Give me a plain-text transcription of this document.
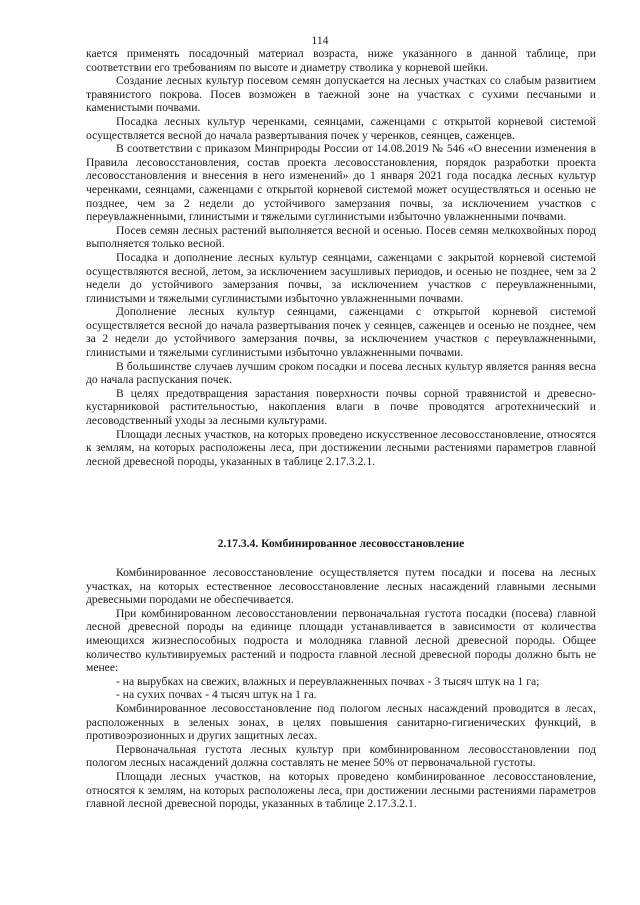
114

кается применять посадочный материал возраста, ниже указанного в данной таблице, при соответствии его требованиям по высоте и диаметру стволика у корневой шейки.

Создание лесных культур посевом семян допускается на лесных участках со слабым развитием травянистого покрова. Посев возможен в таежной зоне на участках с сухими песчаными и каменистыми почвами.

Посадка лесных культур черенками, сеянцами, саженцами с открытой корневой системой осуществляется весной до начала развертывания почек у черенков, сеянцев, саженцев.

В соответствии с приказом Минприроды России от 14.08.2019 № 546 «О внесении изменения в Правила лесовосстановления, состав проекта лесовосстановления, порядок разработки проекта лесовосстановления и внесения в него изменений» до 1 января 2021 года посадка лесных культур черенками, сеянцами, саженцами с открытой корневой системой может осуществляться и осенью не позднее, чем за 2 недели до устойчивого замерзания почвы, за исключением участков с переувлажненными, глинистыми и тяжелыми суглинистыми избыточно увлажненными почвами.

Посев семян лесных растений выполняется весной и осенью. Посев семян мелкохвойных пород выполняется только весной.

Посадка и дополнение лесных культур сеянцами, саженцами с закрытой корневой системой осуществляются весной, летом, за исключением засушливых периодов, и осенью не позднее, чем за 2 недели до устойчивого замерзания почвы, за исключением участков с переувлажненными, глинистыми и тяжелыми суглинистыми избыточно увлажненными почвами.

Дополнение лесных культур сеянцами, саженцами с открытой корневой системой осуществляется весной до начала развертывания почек у сеянцев, саженцев и осенью не позднее, чем за 2 недели до устойчивого замерзания почвы, за исключением участков с переувлажненными, глинистыми и тяжелыми суглинистыми избыточно увлажненными почвами.

В большинстве случаев лучшим сроком посадки и посева лесных культур является ранняя весна до начала распускания почек.

В целях предотвращения зарастания поверхности почвы сорной травянистой и древесно-кустарниковой растительностью, накопления влаги в почве проводятся агротехнический и лесоводственный уходы за лесными культурами.

Площади лесных участков, на которых проведено искусственное лесовосстановление, относятся к землям, на которых расположены леса, при достижении лесными растениями параметров главной лесной древесной породы, указанных в таблице 2.17.3.2.1.

2.17.3.4. Комбинированное лесовосстановление

Комбинированное лесовосстановление осуществляется путем посадки и посева на лесных участках, на которых естественное лесовосстановление лесных насаждений главными лесными древесными породами не обеспечивается.

При комбинированном лесовосстановлении первоначальная густота посадки (посева) главной лесной древесной породы на единице площади устанавливается в зависимости от количества имеющихся жизнеспособных подроста и молодняка главной лесной древесной породы. Общее количество культивируемых растений и подроста главной лесной древесной породы должно быть не менее:

- на вырубках на свежих, влажных и переувлажненных почвах - 3 тысяч штук на 1 га;

- на сухих почвах - 4 тысяч штук на 1 га.

Комбинированное лесовосстановление под пологом лесных насаждений проводится в лесах, расположенных в зеленых зонах, в целях повышения санитарно-гигиенических функций, в противоэрозионных и других защитных лесах.

Первоначальная густота лесных культур при комбинированном лесовосстановлении под пологом лесных насаждений должна составлять не менее 50% от первоначальной густоты.

Площади лесных участков, на которых проведено комбинированное лесовосстановление, относятся к землям, на которых расположены леса, при достижении лесными растениями параметров главной лесной древесной породы, указанных в таблице 2.17.3.2.1.
